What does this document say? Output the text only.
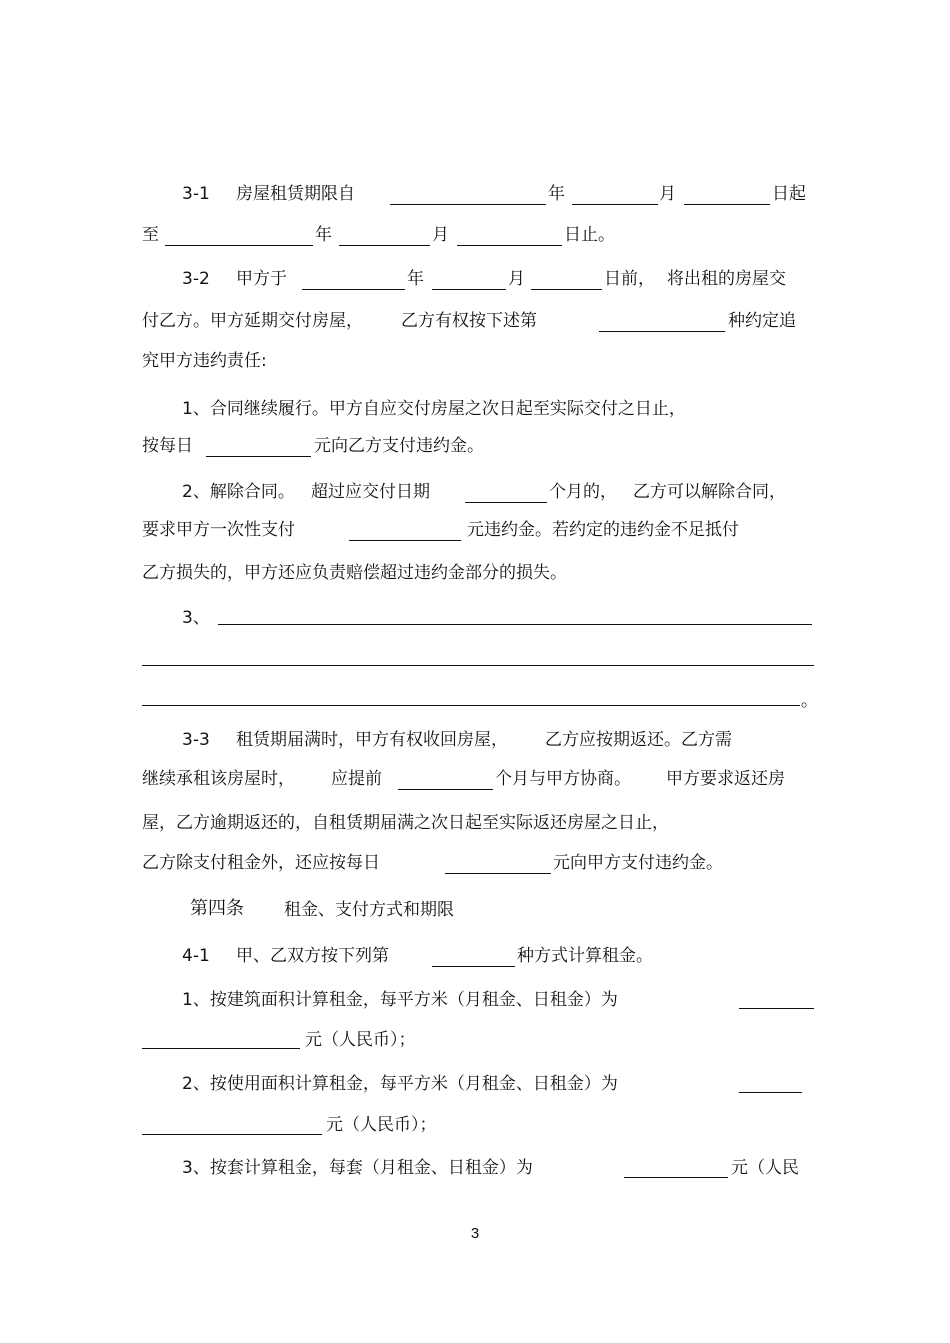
3-1 房屋租赁期限自	年	月	日起
至	年	月	日止。
3-2 甲方于	年	月	日前， 将出租的房屋交
付乙方。甲方延期交付房屋， 乙方有权按下述第	种约定追
究甲方违约责任:
1、合同继续履行。甲方自应交付房屋之次日起至实际交付之日止，
按每日	元向乙方支付违约金。
2、解除合同。 超过应交付日期	个月的， 乙方可以解除合同，
要求甲方一次性支付	元违约金。若约定的违约金不足抵付
乙方损失的，甲方还应负责赔偿超过违约金部分的损失。
3、
。
3-3 租赁期届满时，甲方有权收回房屋， 乙方应按期返还。乙方需
继续承租该房屋时， 应提前	个月与甲方协商。 甲方要求返还房
屋，乙方逾期返还的，自租赁期届满之次日起至实际返还房屋之日止，
乙方除支付租金外，还应按每日	元向甲方支付违约金。
第四条 租金、支付方式和期限
4-1 甲、乙双方按下列第	种方式计算租金。
1、按建筑面积计算租金，每平方米（月租金、日租金）为
元（人民币）；
2、按使用面积计算租金，每平方米（月租金、日租金）为
元（人民币）；
3、按套计算租金，每套（月租金、日租金）为	元（人民
3
